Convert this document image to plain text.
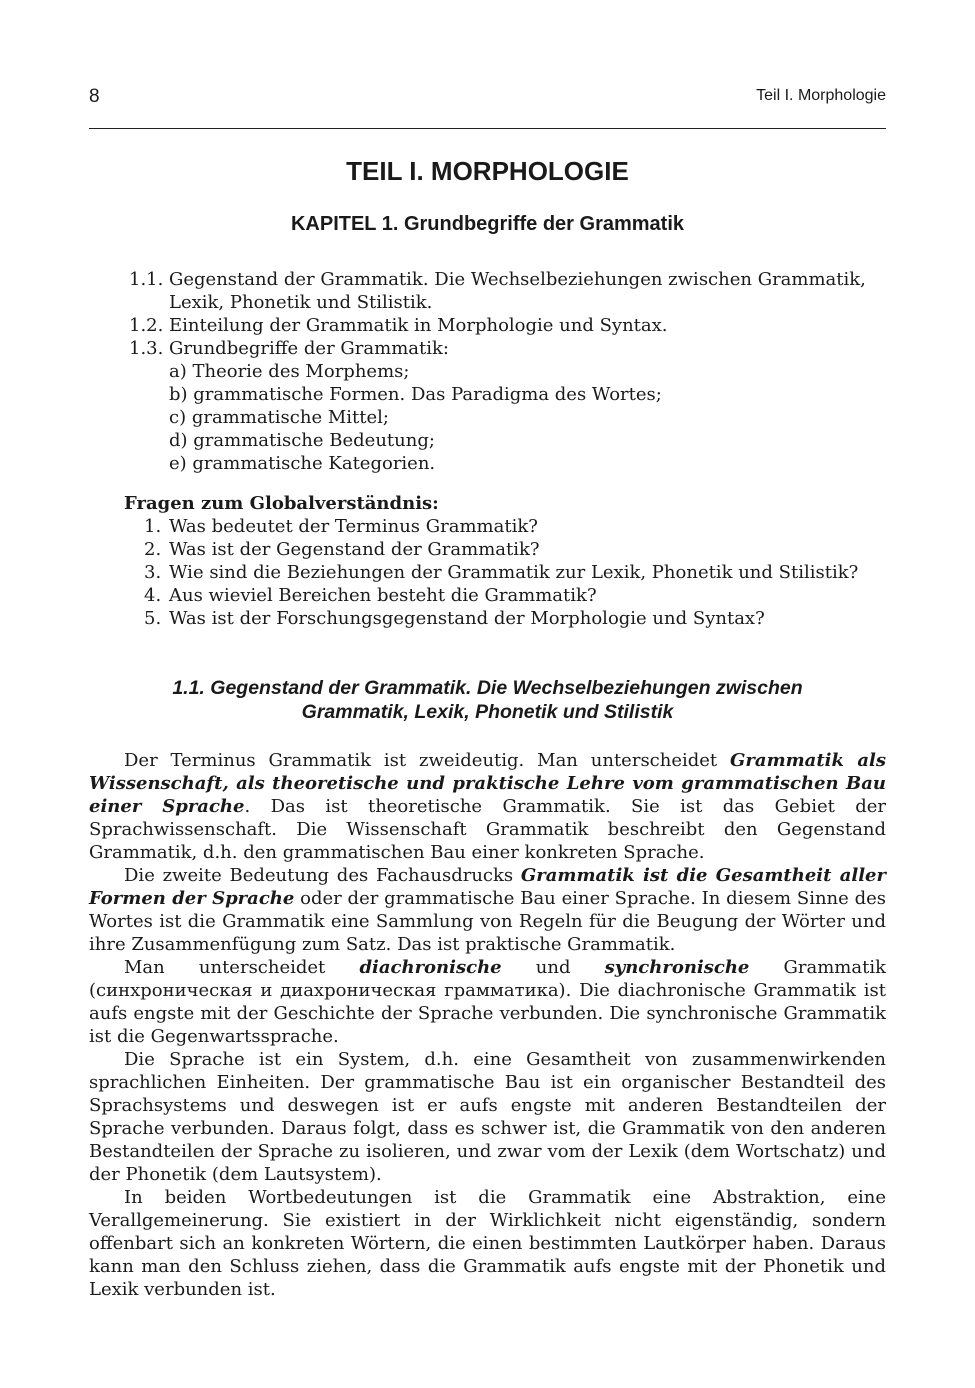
8	Teil I. Morphologie
TEIL I. MORPHOLOGIE
KAPITEL 1. Grundbegriffe der Grammatik
1.1. Gegenstand der Grammatik. Die Wechselbeziehungen zwischen Grammatik,
Lexik, Phonetik und Stilistik.
1.2. Einteilung der Grammatik in Morphologie und Syntax.
1.3. Grundbegriffe der Grammatik:
a) Theorie des Morphems;
b) grammatische Formen. Das Paradigma des Wortes;
c) grammatische Mittel;
d) grammatische Bedeutung;
e) grammatische Kategorien.
Fragen zum Globalverständnis:
1. Was bedeutet der Terminus Grammatik?
2. Was ist der Gegenstand der Grammatik?
3. Wie sind die Beziehungen der Grammatik zur Lexik, Phonetik und Stilistik?
4. Aus wieviel Bereichen besteht die Grammatik?
5. Was ist der Forschungsgegenstand der Morphologie und Syntax?
1.1. Gegenstand der Grammatik. Die Wechselbeziehungen zwischen
Grammatik, Lexik, Phonetik und Stilistik

Der Terminus Grammatik ist zweideutig. Man unterscheidet Grammatik als Wissenschaft, als theoretische und praktische Lehre vom grammatischen Bau einer Sprache. Das ist theoretische Grammatik. Sie ist das Gebiet der Sprachwissenschaft. Die Wissenschaft Grammatik beschreibt den Gegenstand Grammatik, d.h. den grammatischen Bau einer konkreten Sprache.

Die zweite Bedeutung des Fachausdrucks Grammatik ist die Gesamtheit aller Formen der Sprache oder der grammatische Bau einer Sprache. In diesem Sinne des Wortes ist die Grammatik eine Sammlung von Regeln für die Beugung der Wörter und ihre Zusammenfügung zum Satz. Das ist praktische Grammatik.

Man unterscheidet diachronische und synchronische Grammatik (синхроническая и диахроническая грамматика). Die diachronische Grammatik ist aufs engste mit der Geschichte der Sprache verbunden. Die synchronische Grammatik ist die Gegenwartssprache.

Die Sprache ist ein System, d.h. eine Gesamtheit von zusammenwirkenden sprachlichen Einheiten. Der grammatische Bau ist ein organischer Bestandteil des Sprachsystems und deswegen ist er aufs engste mit anderen Bestandteilen der Sprache verbunden. Daraus folgt, dass es schwer ist, die Grammatik von den anderen Bestandteilen der Sprache zu isolieren, und zwar vom der Lexik (dem Wortschatz) und der Phonetik (dem Lautsystem).

In beiden Wortbedeutungen ist die Grammatik eine Abstraktion, eine Verallgemeinerung. Sie existiert in der Wirklichkeit nicht eigenständig, sondern offenbart sich an konkreten Wörtern, die einen bestimmten Lautkörper haben. Daraus kann man den Schluss ziehen, dass die Grammatik aufs engste mit der Phonetik und Lexik verbunden ist.
